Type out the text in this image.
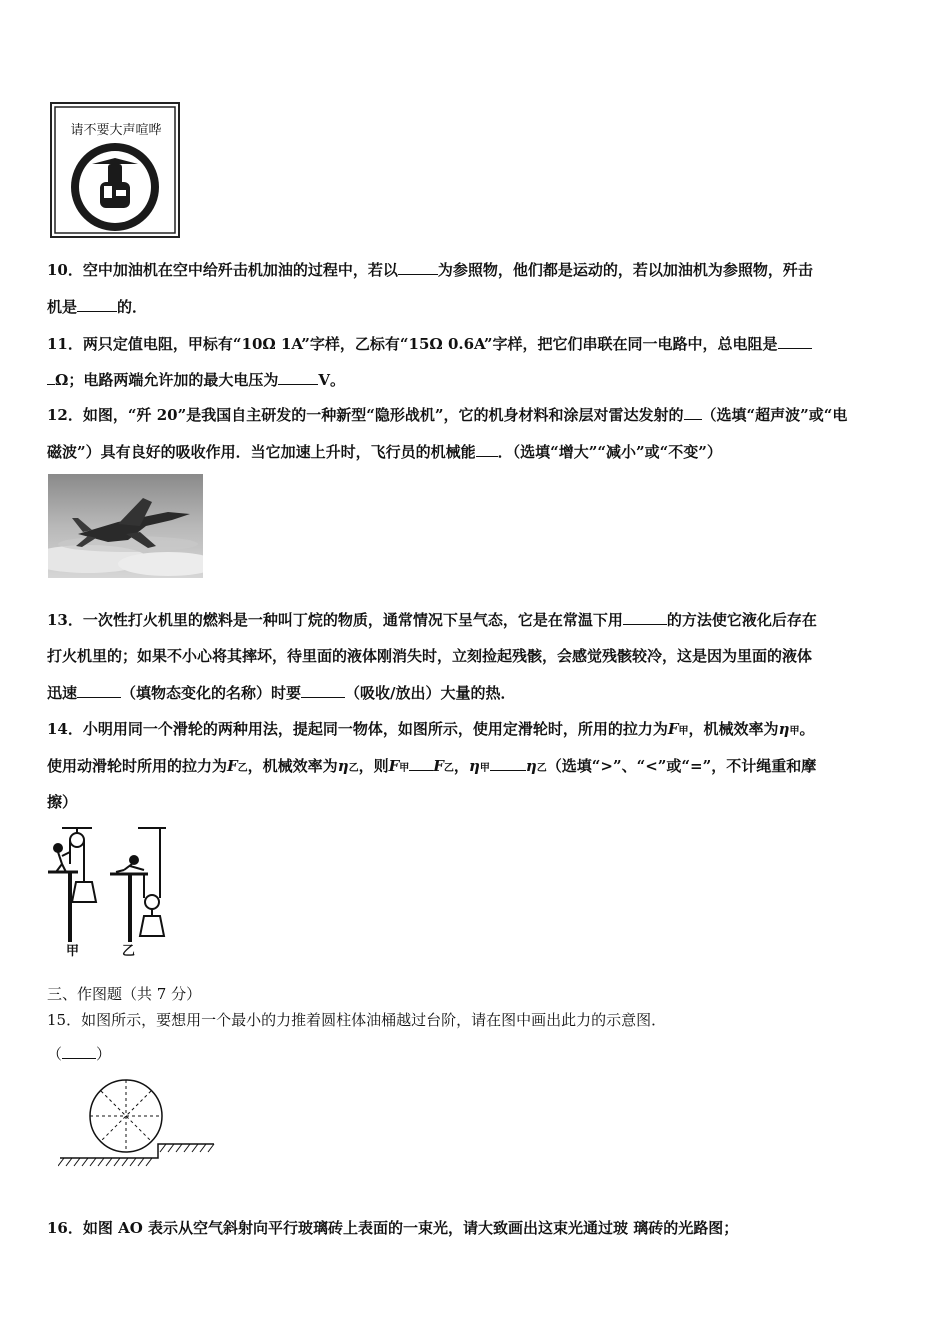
请不要大声喧哗
10．空中加油机在空中给歼击机加油的过程中，若以	为参照物，他们都是运动的，若以加油机为参照物，歼击
机是	的．
11．两只定值电阻，甲标有“10Ω 1A”字样，乙标有“15Ω 0.6A”字样，把它们串联在同一电路中，总电阻是
Ω；电路两端允许加的最大电压为	V。
12．如图，“歼 20”是我国自主研发的一种新型“隐形战机”，它的机身材料和涂层对雷达发射的 （选填“超声波”或“电
磁波”）具有良好的吸收作用．当它加速上升时，飞行员的机械能 ．（选填“增大”“减小”或“不变”）
13．一次性打火机里的燃料是一种叫丁烷的物质，通常情况下呈气态，它是在常温下用	的方法使它液化后存在
打火机里的；如果不小心将其摔坏，待里面的液体刚消失时，立刻捡起残骸，会感觉残骸较冷，这是因为里面的液体
迅速	（填物态变化的名称）时要	（吸收/放出）大量的热．
14．小明用同一个滑轮的两种用法，提起同一物体，如图所示，使用定滑轮时，所用的拉力为F甲，机械效率为η甲。
使用动滑轮时所用的拉力为F乙，机械效率为η乙，则F甲 F乙，η甲 η乙（选填“>”、“<”或“=”，不计绳重和摩
擦）
甲	乙
三、作图题（共 7 分）
15．如图所示，要想用一个最小的力推着圆柱体油桶越过台阶，请在图中画出此力的示意图．
（ ）
16．如图 AO 表示从空气斜射向平行玻璃砖上表面的一束光，请大致画出这束光通过玻 璃砖的光路图；
